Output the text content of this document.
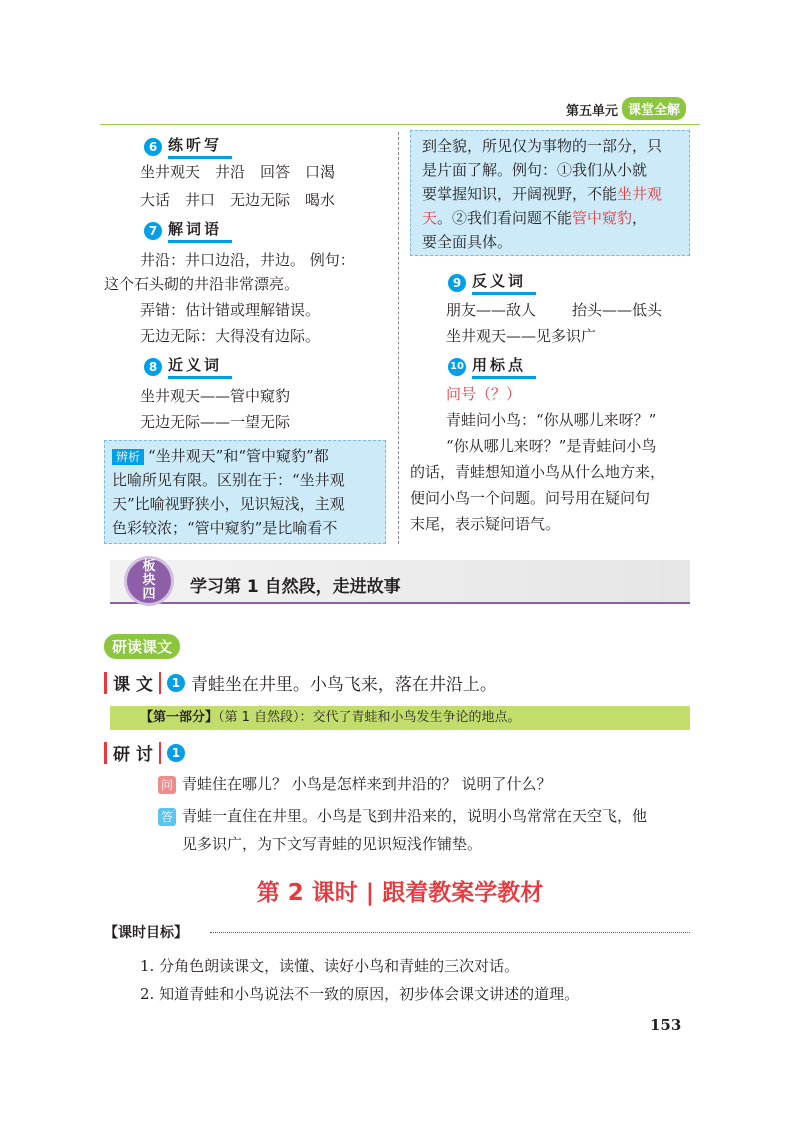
第五单元 课堂全解
6 练听写
坐井观天　井沿　回答　口渴
大话　井口　无边无际　喝水
7 解词语
井沿：井口边沿，井边。 例句：
这个石头砌的井沿非常漂亮。
弄错：估计错或理解错误。
无边无际：大得没有边际。
8 近义词
坐井观天——管中窥豹
无边无际——一望无际
辨析 “坐井观天”和“管中窥豹”都
比喻所见有限。区别在于：“坐井观
天”比喻视野狭小，见识短浅，主观
色彩较浓；“管中窥豹”是比喻看不
到全貌，所见仅为事物的一部分，只
是片面了解。例句：①我们从小就
要掌握知识，开阔视野，不能坐井观
天。②我们看问题不能管中窥豹，
要全面具体。
9 反义词
朋友——敌人 抬头——低头
坐井观天——见多识广
10 用标点
问号（？）
青蛙问小鸟：“你从哪儿来呀？”
“你从哪儿来呀？”是青蛙问小鸟
的话，青蛙想知道小鸟从什么地方来，
便问小鸟一个问题。问号用在疑问句
末尾，表示疑问语气。
板
块
四 学习第 1 自然段，走进故事
研读课文
课 文	1 青蛙坐在井里。小鸟飞来，落在井沿上。
【第一部分】（第 1 自然段）：交代了青蛙和小鸟发生争论的地点。
研 讨	1
问 青蛙住在哪儿？ 小鸟是怎样来到井沿的？ 说明了什么？
答 青蛙一直住在井里。小鸟是飞到井沿来的，说明小鸟常常在天空飞，他
见多识广，为下文写青蛙的见识短浅作铺垫。
第 2 课时 | 跟着教案学教材
【课时目标】
1. 分角色朗读课文，读懂、读好小鸟和青蛙的三次对话。
2. 知道青蛙和小鸟说法不一致的原因，初步体会课文讲述的道理。
153
